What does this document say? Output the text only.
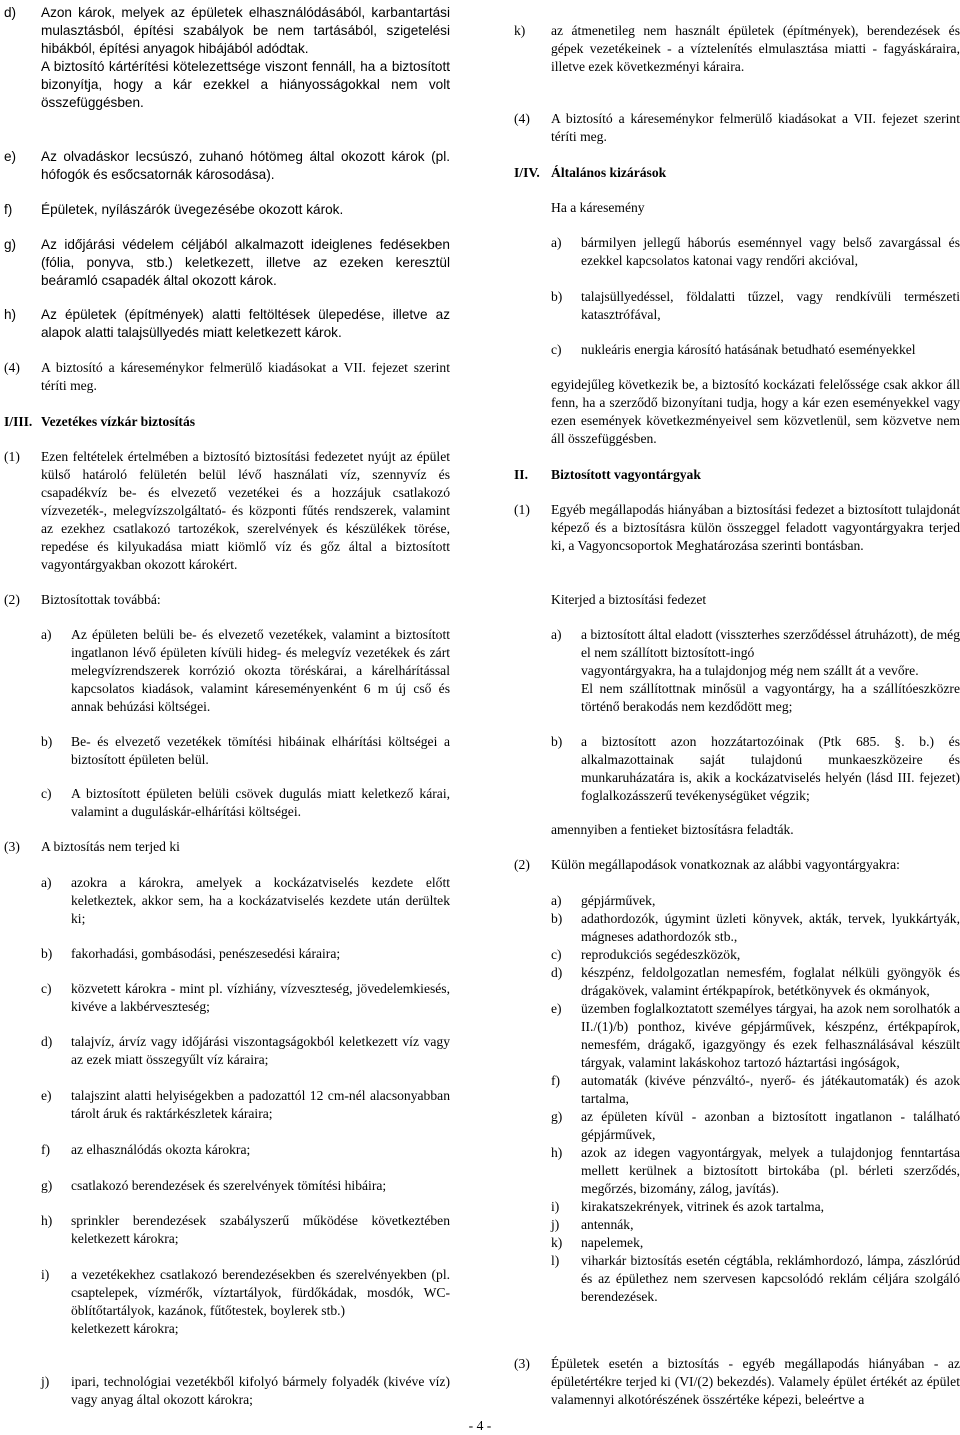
d) Azon károk, melyek az épületek elhasználódásából, karbantartási mulasztásból, építési szabályok be nem tartásából, szigetelési hibákból, építési anyagok hibájából adódtak.

A biztosító kártérítési kötelezettsége viszont fennáll, ha a biztosított bizonyítja, hogy a kár ezekkel a hiányosságokkal nem volt összefüggésben.

e) Az olvadáskor lecsúszó, zuhanó hótömeg által okozott károk (pl. hófogók és esőcsatornák károsodása).

f) Épületek, nyílászárók üvegezésébe okozott károk.

g) Az időjárási védelem céljából alkalmazott ideiglenes fedésekben (fólia, ponyva, stb.) keletkezett, illetve az ezeken keresztül beáramló csapadék által okozott károk.

h) Az épületek (építmények) alatti feltöltések ülepedése, illetve az alapok alatti talajsüllyedés miatt keletkezett károk.

(4) A biztosító a káreseménykor felmerülő kiadásokat a VII. fejezet szerint téríti meg.

I/III. Vezetékes vízkár biztosítás
(1) Ezen feltételek értelmében a biztosító biztosítási fedezetet nyújt az épület külső határoló felületén belül lévő használati víz, szennyvíz és csapadékvíz be- és elvezető vezetékei és a hozzájuk csatlakozó vízvezeték-, melegvízszolgáltató- és központi fűtés rendszerek, valamint az ezekhez csatlakozó tartozékok, szerelvények és készülékek törése, repedése és kilyukadása miatt kiömlő víz és gőz által a biztosított vagyontárgyakban okozott károkért.

(2) Biztosítottak továbbá:
a) Az épületen belüli be- és elvezető vezetékek, valamint a biztosított ingatlanon lévő épületen kívüli hideg- és melegvíz vezetékek és zárt melegvízrendszerek korrózió okozta töréskárai, a kárelhárítással kapcsolatos kiadások, valamint káreseményenként 6 m új cső és annak behúzási költségei.

b) Be- és elvezető vezetékek tömítési hibáinak elhárítási költségei a biztosított épületen belül.

c) A biztosított épületen belüli csövek dugulás miatt keletkező kárai, valamint a duguláskár-elhárítási költségei.

(3) A biztosítás nem terjed ki
a) azokra a károkra, amelyek a kockázatviselés kezdete előtt keletkeztek, akkor sem, ha a kockázatviselés kezdete után derültek ki;

b) fakorhadási, gombásodási, penészesedési káraira;
c) közvetett károkra - mint pl. vízhiány, vízveszteség, jövedelemkiesés, kivéve a lakbérveszteség;

d) talajvíz, árvíz vagy időjárási viszontagságokból keletkezett víz vagy az ezek miatt összegyűlt víz káraira;

e) talajszint alatti helyiségekben a padozattól 12 cm-nél alacsonyabban tárolt áruk és raktárkészletek káraira;

f) az elhasználódás okozta károkra;
g) csatlakozó berendezések és szerelvények tömítési hibáira;
h) sprinkler berendezések szabályszerű működése következtében keletkezett károkra;

i) a vezetékekhez csatlakozó berendezésekben és szerelvényekben (pl. csaptelepek, vízmérők, víztartályok, fürdőkádak, mosdók, WC-öblítőtartályok, kazánok, fűtőtestek, boylerek stb.)

keletkezett károkra;

j) ipari, technológiai vezetékből kifolyó bármely folyadék (kivéve víz) vagy anyag által okozott károkra;

k) az átmenetileg nem használt épületek (építmények), berendezések és gépek vezetékeinek - a víztelenítés elmulasztása miatti - fagyáskáraira, illetve ezek következményi káraira.

(4) A biztosító a káreseménykor felmerülő kiadásokat a VII. fejezet szerint téríti meg.

I/IV. Általános kizárások
Ha a káresemény
a) bármilyen jellegű háborús eseménnyel vagy belső zavargással és ezekkel kapcsolatos katonai vagy rendőri akcióval,

b) talajsüllyedéssel, földalatti tűzzel, vagy rendkívüli természeti katasztrófával,

c) nukleáris energia károsító hatásának betudható eseményekkel

egyidejűleg következik be, a biztosító kockázati felelőssége csak akkor áll fenn, ha a szerződő bizonyítani tudja, hogy a kár ezen eseményekkel vagy ezen események következményeivel sem közvetlenül, sem közvetve nem áll összefüggésben.

II. Biztosított vagyontárgyak
(1) Egyéb megállapodás hiányában a biztosítási fedezet a biztosított tulajdonát képező és a biztosításra külön összeggel feladott vagyontárgyakra terjed ki, a Vagyoncsoportok Meghatározása szerinti bontásban.

Kiterjed a biztosítási fedezet
a) a biztosított által eladott (visszterhes szerződéssel átruházott), de még el nem szállított biztosított-ingó

vagyontárgyakra, ha a tulajdonjog még nem szállt át a vevőre.

El nem szállítottnak minősül a vagyontárgy, ha a szállítóeszközre történő berakodás nem kezdődött meg;

b) a biztosított azon hozzátartozóinak (Ptk 685. §. b.) és alkalmazottainak saját tulajdonú munkaeszközeire és munkaruházatára is, akik a kockázatviselés helyén (lásd III. fejezet) foglalkozásszerű tevékenységüket végzik;

amennyiben a fentieket biztosításra feladták.
(2) Külön megállapodások vonatkoznak az alábbi vagyontárgyakra:
a) gépjárművek,

b) adathordozók, úgymint üzleti könyvek, akták, tervek, lyukkártyák, mágneses adathordozók stb.,

c) reprodukciós segédeszközök,

d) készpénz, feldolgozatlan nemesfém, foglalat nélküli gyöngyök és drágakövek, valamint értékpapírok, betétkönyvek és okmányok,

e) üzemben foglalkoztatott személyes tárgyai, ha azok nem sorolhatók a II./(1)/b) ponthoz, kivéve gépjárművek, készpénz, értékpapírok, nemesfém, drágakő, igazgyöngy és ezek felhasználásával készült tárgyak, valamint lakáskohoz tartozó háztartási ingóságok,

f) automaták (kivéve pénzváltó-, nyerő- és játékautomaták) és azok tartalma,

g) az épületen kívül - azonban a biztosított ingatlanon - található gépjárművek,

h) azok az idegen vagyontárgyak, melyek a tulajdonjog fenntartása mellett kerülnek a biztosított birtokába (pl. bérleti szerződés, megőrzés, bizomány, zálog, javítás).

i) kirakatszekrények, vitrinek és azok tartalma,

j) antennák,

k) napelemek,

l) viharkár biztosítás esetén cégtábla, reklámhordozó, lámpa, zászlórúd és az épülethez nem szervesen kapcsolódó reklám céljára szolgáló berendezések.

(3) Épületek esetén a biztosítás - egyéb megállapodás hiányában - az épületértékre terjed ki (VI/(2) bekezdés). Valamely épület értékét az épület valamennyi alkotórészének összértéke képezi, beleértve a

- 4 -
